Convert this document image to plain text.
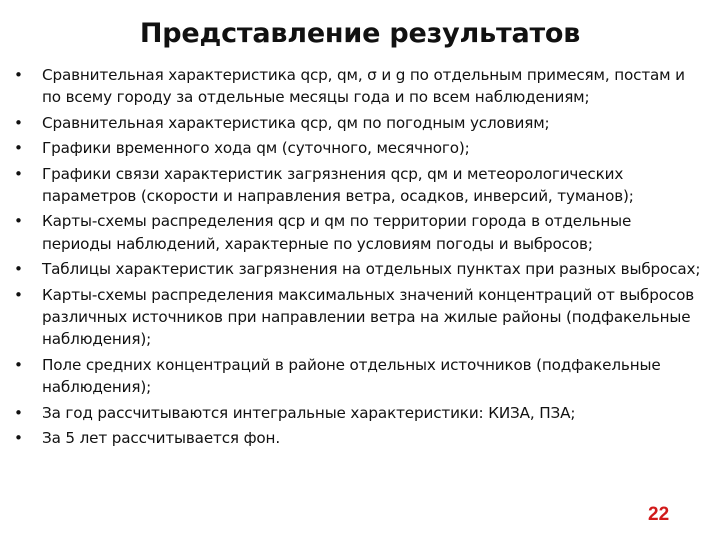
Представление результатов
•	Сравнительная характеристика qср, qм, σ и g по отдельным примесям, постам и по всему городу за отдельные месяцы года и по всем наблюдениям;
•	Сравнительная характеристика qср, qм по погодным условиям;
•	Графики временного хода qм (суточного, месячного);
•	Графики связи характеристик загрязнения qср, qм и метеорологических параметров (скорости и направления ветра, осадков, инверсий, туманов);
•	Карты-схемы распределения qср и qм по территории города в отдельные периоды наблюдений, характерные по условиям погоды и выбросов;
•	Таблицы характеристик загрязнения на отдельных пунктах при разных выбросах;
•	Карты-схемы распределения максимальных значений концентраций от выбросов различных источников при направлении ветра на жилые районы (подфакельные наблюдения);
•	Поле средних концентраций в районе отдельных источников (подфакельные наблюдения);
•	За год рассчитываются интегральные характеристики: КИЗА, ПЗА;
•	За 5 лет рассчитывается фон.
22
